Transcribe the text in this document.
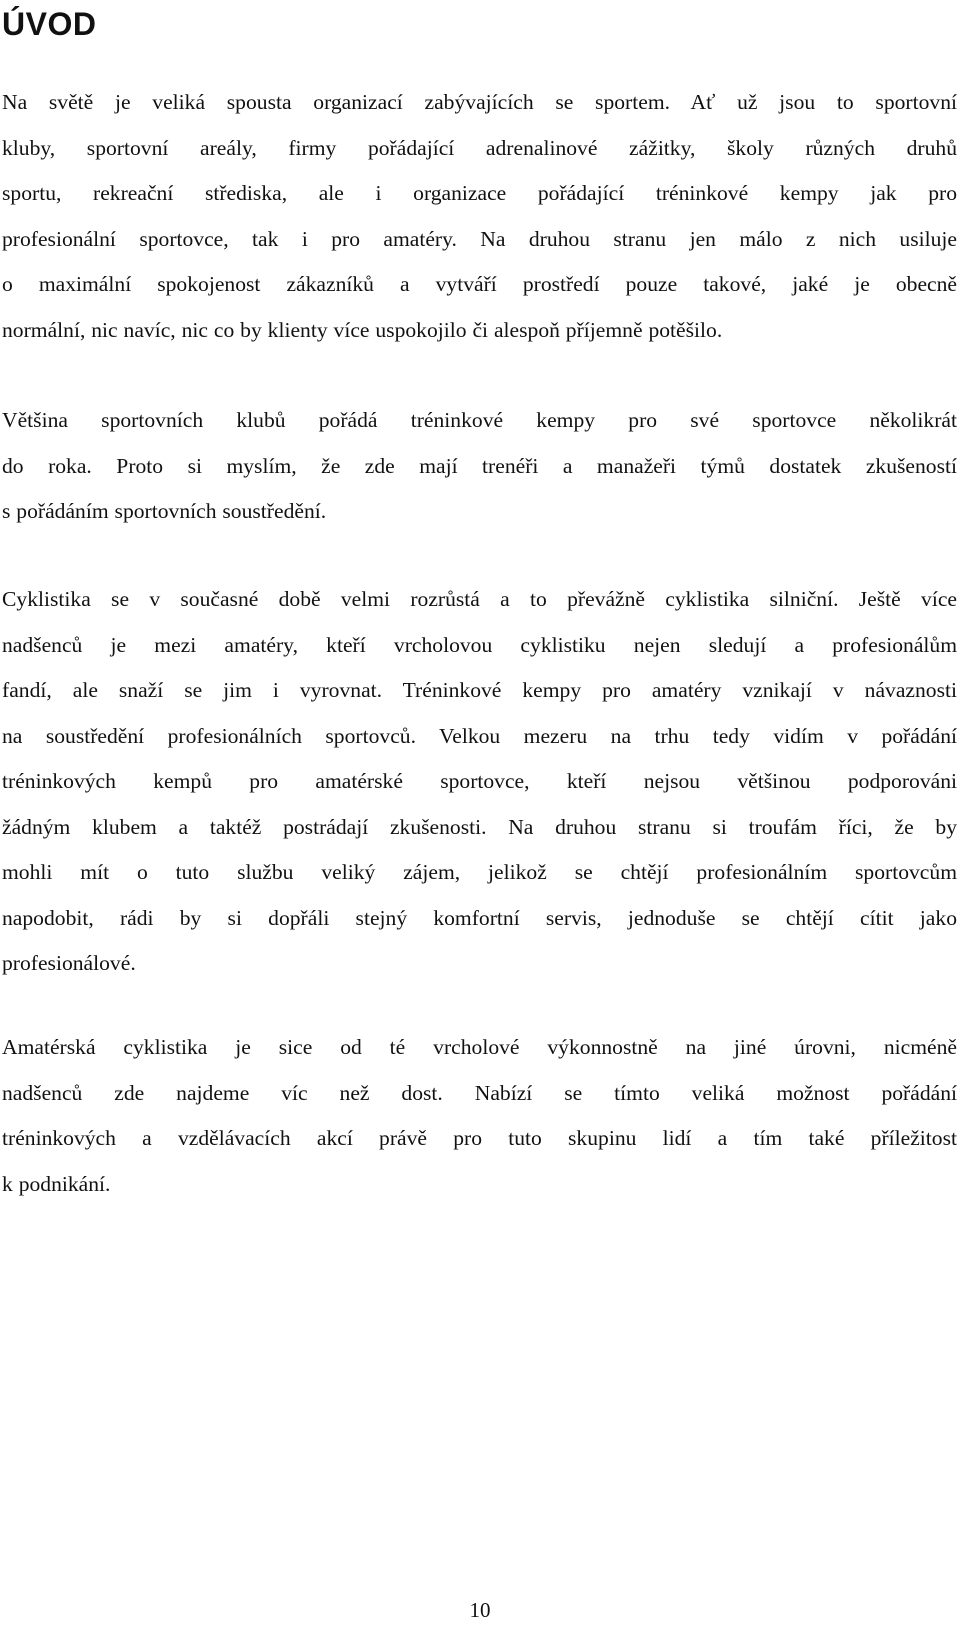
ÚVOD

Na světě je veliká spousta organizací zabývajících se sportem. Ať už jsou to sportovní
kluby, sportovní areály, firmy pořádající adrenalinové zážitky, školy různých druhů
sportu, rekreační střediska, ale i organizace pořádající tréninkové kempy jak pro
profesionální sportovce, tak i pro amatéry. Na druhou stranu jen málo z nich usiluje
o maximální spokojenost zákazníků a vytváří prostředí pouze takové, jaké je obecně
normální, nic navíc, nic co by klienty více uspokojilo či alespoň příjemně potěšilo.

Většina sportovních klubů pořádá tréninkové kempy pro své sportovce několikrát
do roka. Proto si myslím, že zde mají trenéři a manažeři týmů dostatek zkušeností
s pořádáním sportovních soustředění.

Cyklistika se v současné době velmi rozrůstá a to převážně cyklistika silniční. Ještě více
nadšenců je mezi amatéry, kteří vrcholovou cyklistiku nejen sledují a profesionálům
fandí, ale snaží se jim i vyrovnat. Tréninkové kempy pro amatéry vznikají v návaznosti
na soustředění profesionálních sportovců. Velkou mezeru na trhu tedy vidím v pořádání
tréninkových kempů pro amatérské sportovce, kteří nejsou většinou podporováni
žádným klubem a taktéž postrádají zkušenosti. Na druhou stranu si troufám říci, že by
mohli mít o tuto službu veliký zájem, jelikož se chtějí profesionálním sportovcům
napodobit, rádi by si dopřáli stejný komfortní servis, jednoduše se chtějí cítit jako
profesionálové.

Amatérská cyklistika je sice od té vrcholové výkonnostně na jiné úrovni, nicméně
nadšenců zde najdeme víc než dost. Nabízí se tímto veliká možnost pořádání
tréninkových a vzdělávacích akcí právě pro tuto skupinu lidí a tím také příležitost
k podnikání.

10
